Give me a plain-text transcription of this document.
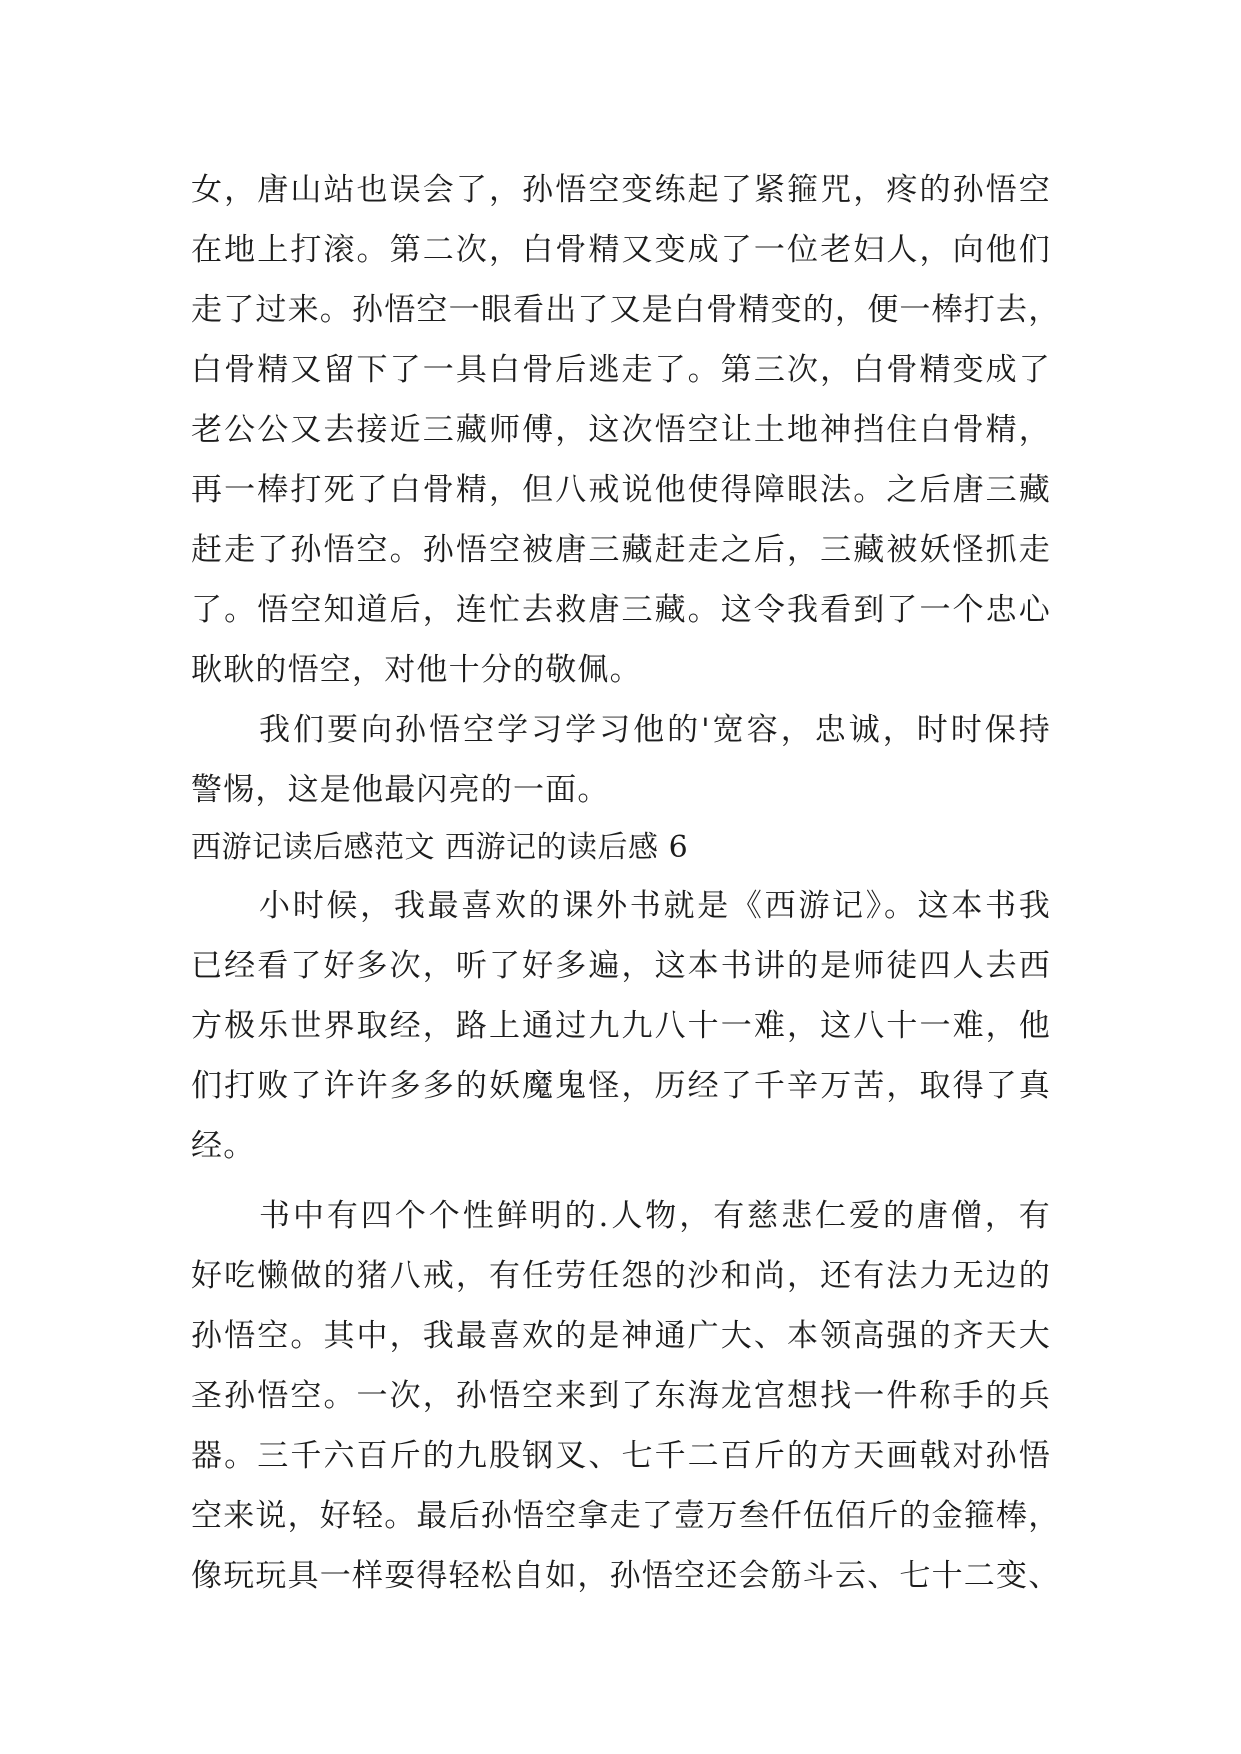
女，唐山站也误会了，孙悟空变练起了紧箍咒，疼的孙悟空
在地上打滚。第二次，白骨精又变成了一位老妇人，向他们
走了过来。孙悟空一眼看出了又是白骨精变的，便一棒打去，
白骨精又留下了一具白骨后逃走了。第三次，白骨精变成了
老公公又去接近三藏师傅，这次悟空让土地神挡住白骨精，
再一棒打死了白骨精，但八戒说他使得障眼法。之后唐三藏
赶走了孙悟空。孙悟空被唐三藏赶走之后，三藏被妖怪抓走
了。悟空知道后，连忙去救唐三藏。这令我看到了一个忠心
耿耿的悟空，对他十分的敬佩。
我们要向孙悟空学习学习他的'宽容，忠诚，时时保持
警惕，这是他最闪亮的一面。
西游记读后感范文 西游记的读后感 6
小时候，我最喜欢的课外书就是《西游记》。这本书我
已经看了好多次，听了好多遍，这本书讲的是师徒四人去西
方极乐世界取经，路上通过九九八十一难，这八十一难，他
们打败了许许多多的妖魔鬼怪，历经了千辛万苦，取得了真
经。
书中有四个个性鲜明的.人物，有慈悲仁爱的唐僧，有
好吃懒做的猪八戒，有任劳任怨的沙和尚，还有法力无边的
孙悟空。其中，我最喜欢的是神通广大、本领高强的齐天大
圣孙悟空。一次，孙悟空来到了东海龙宫想找一件称手的兵
器。三千六百斤的九股钢叉、七千二百斤的方天画戟对孙悟
空来说，好轻。最后孙悟空拿走了壹万叁仟伍佰斤的金箍棒，
像玩玩具一样耍得轻松自如，孙悟空还会筋斗云、七十二变、
